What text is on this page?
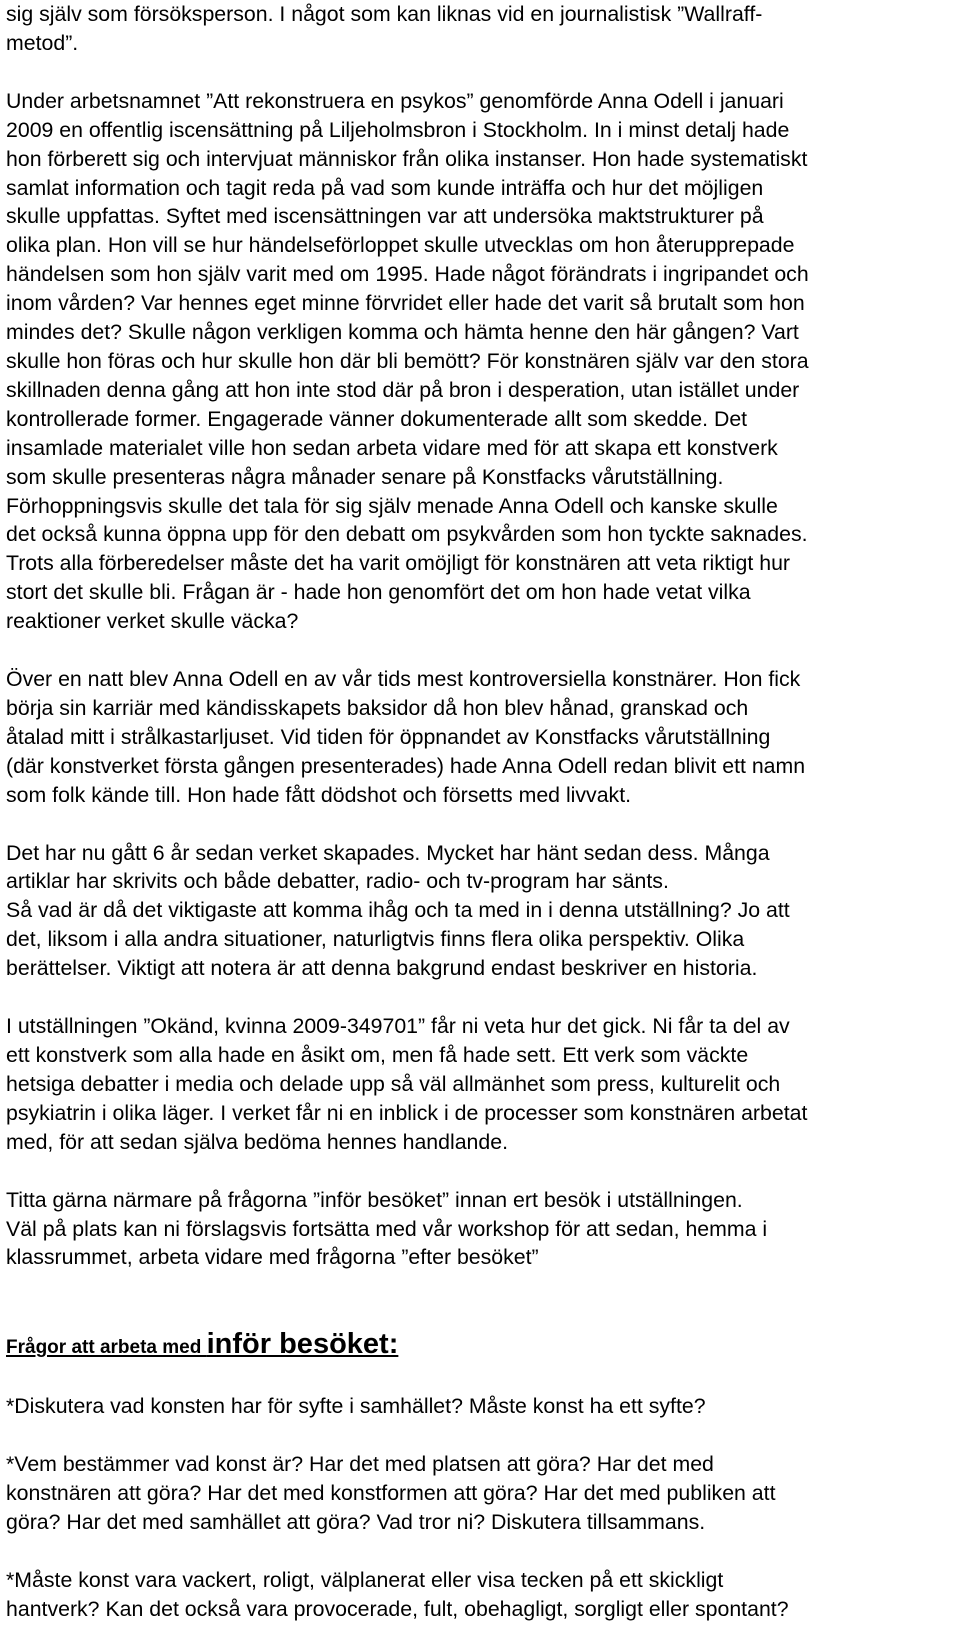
sig själv som försöksperson. I något som kan liknas vid en journalistisk ”Wallraff-
metod”.

Under arbetsnamnet ”Att rekonstruera en psykos” genomförde Anna Odell i januari
2009 en offentlig iscensättning på Liljeholmsbron i Stockholm. In i minst detalj hade
hon förberett sig och intervjuat människor från olika instanser. Hon hade systematiskt
samlat information och tagit reda på vad som kunde inträffa och hur det möjligen
skulle uppfattas. Syftet med iscensättningen var att undersöka maktstrukturer på
olika plan. Hon vill se hur händelseförloppet skulle utvecklas om hon återupprepade
händelsen som hon själv varit med om 1995. Hade något förändrats i ingripandet och
inom vården? Var hennes eget minne förvridet eller hade det varit så brutalt som hon
mindes det? Skulle någon verkligen komma och hämta henne den här gången? Vart
skulle hon föras och hur skulle hon där bli bemött? För konstnären själv var den stora
skillnaden denna gång att hon inte stod där på bron i desperation, utan istället under
kontrollerade former. Engagerade vänner dokumenterade allt som skedde. Det
insamlade materialet ville hon sedan arbeta vidare med för att skapa ett konstverk
som skulle presenteras några månader senare på Konstfacks vårutställning.
Förhoppningsvis skulle det tala för sig själv menade Anna Odell och kanske skulle
det också kunna öppna upp för den debatt om psykvården som hon tyckte saknades.
Trots alla förberedelser måste det ha varit omöjligt för konstnären att veta riktigt hur
stort det skulle bli. Frågan är - hade hon genomfört det om hon hade vetat vilka
reaktioner verket skulle väcka?

Över en natt blev Anna Odell en av vår tids mest kontroversiella konstnärer. Hon fick
börja sin karriär med kändisskapets baksidor då hon blev hånad, granskad och
åtalad mitt i strålkastarljuset. Vid tiden för öppnandet av Konstfacks vårutställning
(där konstverket första gången presenterades) hade Anna Odell redan blivit ett namn
som folk kände till. Hon hade fått dödshot och försetts med livvakt.

Det har nu gått 6 år sedan verket skapades. Mycket har hänt sedan dess. Många
artiklar har skrivits och både debatter, radio- och tv-program har sänts.
Så vad är då det viktigaste att komma ihåg och ta med in i denna utställning? Jo att
det, liksom i alla andra situationer, naturligtvis finns flera olika perspektiv. Olika
berättelser. Viktigt att notera är att denna bakgrund endast beskriver en historia.

I utställningen ”Okänd, kvinna 2009-349701” får ni veta hur det gick. Ni får ta del av
ett konstverk som alla hade en åsikt om, men få hade sett. Ett verk som väckte
hetsiga debatter i media och delade upp så väl allmänhet som press, kulturelit och
psykiatrin i olika läger. I verket får ni en inblick i de processer som konstnären arbetat
med, för att sedan själva bedöma hennes handlande.

Titta gärna närmare på frågorna ”inför besöket” innan ert besök i utställningen.
Väl på plats kan ni förslagsvis fortsätta med vår workshop för att sedan, hemma i
klassrummet, arbeta vidare med frågorna ”efter besöket”

Frågor att arbeta med inför besöket:

*Diskutera vad konsten har för syfte i samhället? Måste konst ha ett syfte?

*Vem bestämmer vad konst är? Har det med platsen att göra? Har det med
konstnären att göra? Har det med konstformen att göra? Har det med publiken att
göra? Har det med samhället att göra? Vad tror ni? Diskutera tillsammans.

*Måste konst vara vackert, roligt, välplanerat eller visa tecken på ett skickligt
hantverk? Kan det också vara provocerade, fult, obehagligt, sorgligt eller spontant?
